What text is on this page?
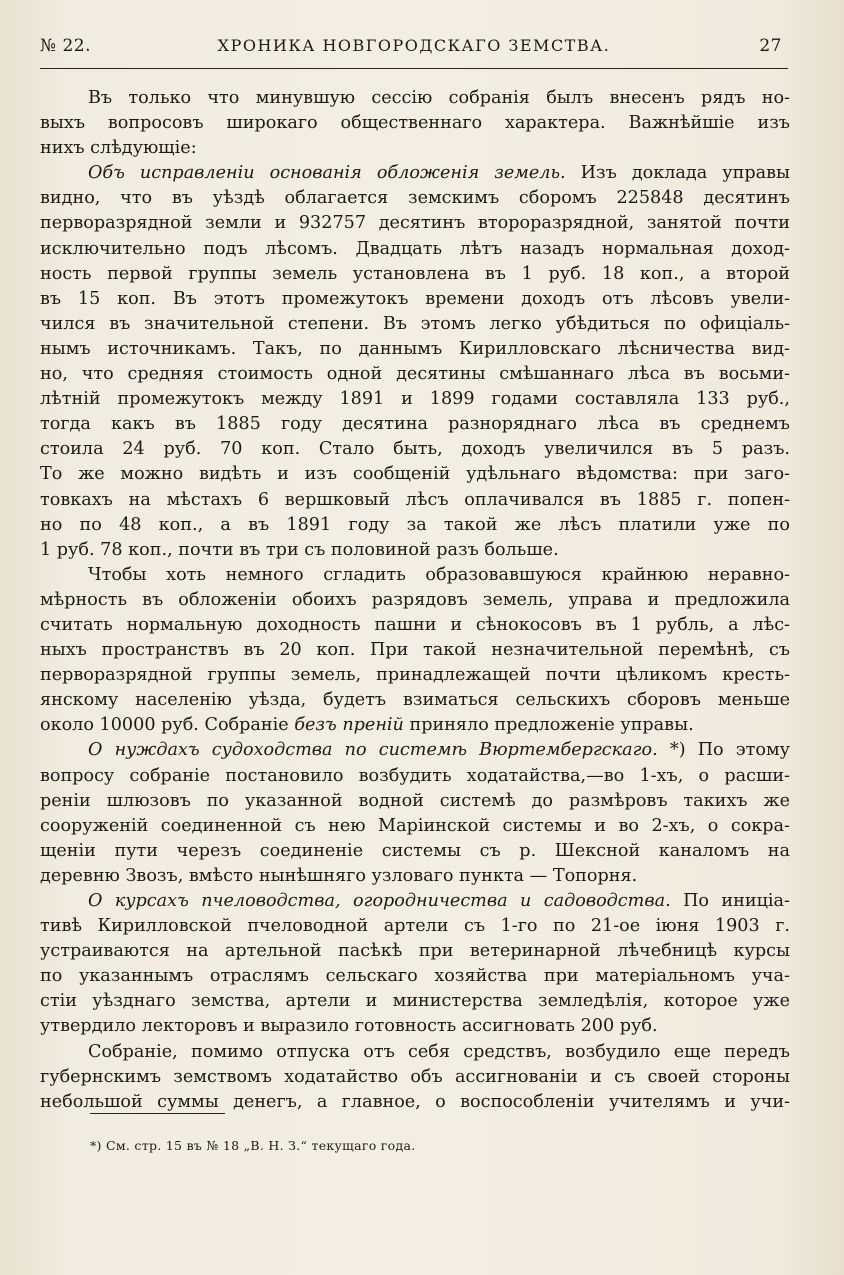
ХРОНИКА НОВГОРОДСКАГО ЗЕМСТВА.
№ 22.	27
Въ только что минувшую сессію собранія былъ внесенъ рядъ но-
выхъ вопросовъ широкаго общественнаго характера. Важнѣйшіе изъ
нихъ слѣдующіе:
Объ исправленіи основанія обложенія земель. Изъ доклада управы
видно, что въ уѣздѣ облагается земскимъ сборомъ 225848 десятинъ
перворазрядной земли и 932757 десятинъ второразрядной, занятой почти
исключительно подъ лѣсомъ. Двадцать лѣтъ назадъ нормальная доход-
ность первой группы земель установлена въ 1 руб. 18 коп., а второй
въ 15 коп. Въ этотъ промежутокъ времени доходъ отъ лѣсовъ увели-
чился въ значительной степени. Въ этомъ легко убѣдиться по офиціаль-
нымъ источникамъ. Такъ, по даннымъ Кирилловскаго лѣсничества вид-
но, что средняя стоимость одной десятины смѣшаннаго лѣса въ восьми-
лѣтній промежутокъ между 1891 и 1899 годами составляла 133 руб.,
тогда какъ въ 1885 году десятина разноряднаго лѣса въ среднемъ
стоила 24 руб. 70 коп. Стало быть, доходъ увеличился въ 5 разъ.
То же можно видѣть и изъ сообщеній удѣльнаго вѣдомства: при заго-
товкахъ на мѣстахъ 6 вершковый лѣсъ оплачивался въ 1885 г. попен-
но по 48 коп., а въ 1891 году за такой же лѣсъ платили уже по
1 руб. 78 коп., почти въ три съ половиной разъ больше.
Чтобы хоть немного сгладить образовавшуюся крайнюю неравно-
мѣрность въ обложеніи обоихъ разрядовъ земель, управа и предложила
считать нормальную доходность пашни и сѣнокосовъ въ 1 рубль, а лѣс-
ныхъ пространствъ въ 20 коп. При такой незначительной перемѣнѣ, съ
перворазрядной группы земель, принадлежащей почти цѣликомъ кресть-
янскому населенію уѣзда, будетъ взиматься сельскихъ сборовъ меньше
около 10000 руб. Собраніе безъ преній приняло предложеніе управы.
О нуждахъ судоходства по системѣ Вюртембергскаго. *) По этому
вопросу собраніе постановило возбудить ходатайства,—во 1-хъ, о расши-
реніи шлюзовъ по указанной водной системѣ до размѣровъ такихъ же
сооруженій соединенной съ нею Маріинской системы и во 2-хъ, о сокра-
щеніи пути черезъ соединеніе системы съ р. Шексной каналомъ на
деревню Звозъ, вмѣсто нынѣшняго узловаго пункта — Топорня.
О курсахъ пчеловодства, огородничества и садоводства. По иниціа-
тивѣ Кирилловской пчеловодной артели съ 1-го по 21-ое іюня 1903 г.
устраиваются на артельной пасѣкѣ при ветеринарной лѣчебницѣ курсы
по указаннымъ отраслямъ сельскаго хозяйства при матеріальномъ уча-
стіи уѣзднаго земства, артели и министерства земледѣлія, которое уже
утвердило лекторовъ и выразило готовность ассигновать 200 руб.
Собраніе, помимо отпуска отъ себя средствъ, возбудило еще передъ
губернскимъ земствомъ ходатайство объ ассигнованіи и съ своей стороны
небольшой суммы денегъ, а главное, о воспособленіи учителямъ и учи-
*) См. стр. 15 въ № 18 „В. Н. З.“ текущаго года.
